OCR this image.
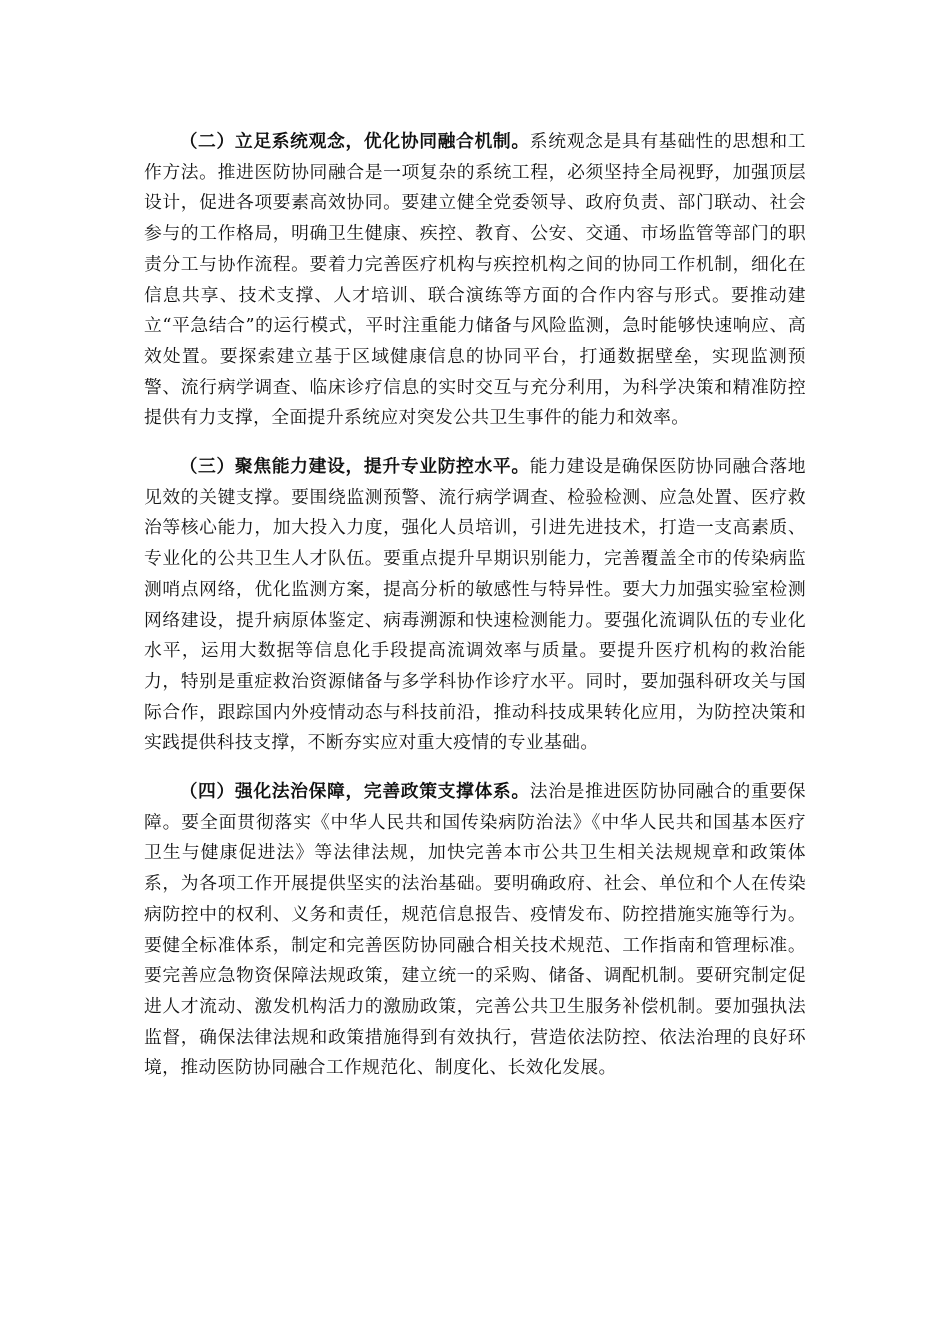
（二）立足系统观念，优化协同融合机制。系统观念是具有基础性的思想和工作方法。推进医防协同融合是一项复杂的系统工程，必须坚持全局视野，加强顶层设计，促进各项要素高效协同。要建立健全党委领导、政府负责、部门联动、社会参与的工作格局，明确卫生健康、疾控、教育、公安、交通、市场监管等部门的职责分工与协作流程。要着力完善医疗机构与疾控机构之间的协同工作机制，细化在信息共享、技术支撑、人才培训、联合演练等方面的合作内容与形式。要推动建立“平急结合”的运行模式，平时注重能力储备与风险监测，急时能够快速响应、高效处置。要探索建立基于区域健康信息的协同平台，打通数据壁垒，实现监测预警、流行病学调查、临床诊疗信息的实时交互与充分利用，为科学决策和精准防控提供有力支撑，全面提升系统应对突发公共卫生事件的能力和效率。

（三）聚焦能力建设，提升专业防控水平。能力建设是确保医防协同融合落地见效的关键支撑。要围绕监测预警、流行病学调查、检验检测、应急处置、医疗救治等核心能力，加大投入力度，强化人员培训，引进先进技术，打造一支高素质、专业化的公共卫生人才队伍。要重点提升早期识别能力，完善覆盖全市的传染病监测哨点网络，优化监测方案，提高分析的敏感性与特异性。要大力加强实验室检测网络建设，提升病原体鉴定、病毒溯源和快速检测能力。要强化流调队伍的专业化水平，运用大数据等信息化手段提高流调效率与质量。要提升医疗机构的救治能力，特别是重症救治资源储备与多学科协作诊疗水平。同时，要加强科研攻关与国际合作，跟踪国内外疫情动态与科技前沿，推动科技成果转化应用，为防控决策和实践提供科技支撑，不断夯实应对重大疫情的专业基础。

（四）强化法治保障，完善政策支撑体系。法治是推进医防协同融合的重要保障。要全面贯彻落实《中华人民共和国传染病防治法》《中华人民共和国基本医疗卫生与健康促进法》等法律法规，加快完善本市公共卫生相关法规规章和政策体系，为各项工作开展提供坚实的法治基础。要明确政府、社会、单位和个人在传染病防控中的权利、义务和责任，规范信息报告、疫情发布、防控措施实施等行为。要健全标准体系，制定和完善医防协同融合相关技术规范、工作指南和管理标准。要完善应急物资保障法规政策，建立统一的采购、储备、调配机制。要研究制定促进人才流动、激发机构活力的激励政策，完善公共卫生服务补偿机制。要加强执法监督，确保法律法规和政策措施得到有效执行，营造依法防控、依法治理的良好环境，推动医防协同融合工作规范化、制度化、长效化发展。
